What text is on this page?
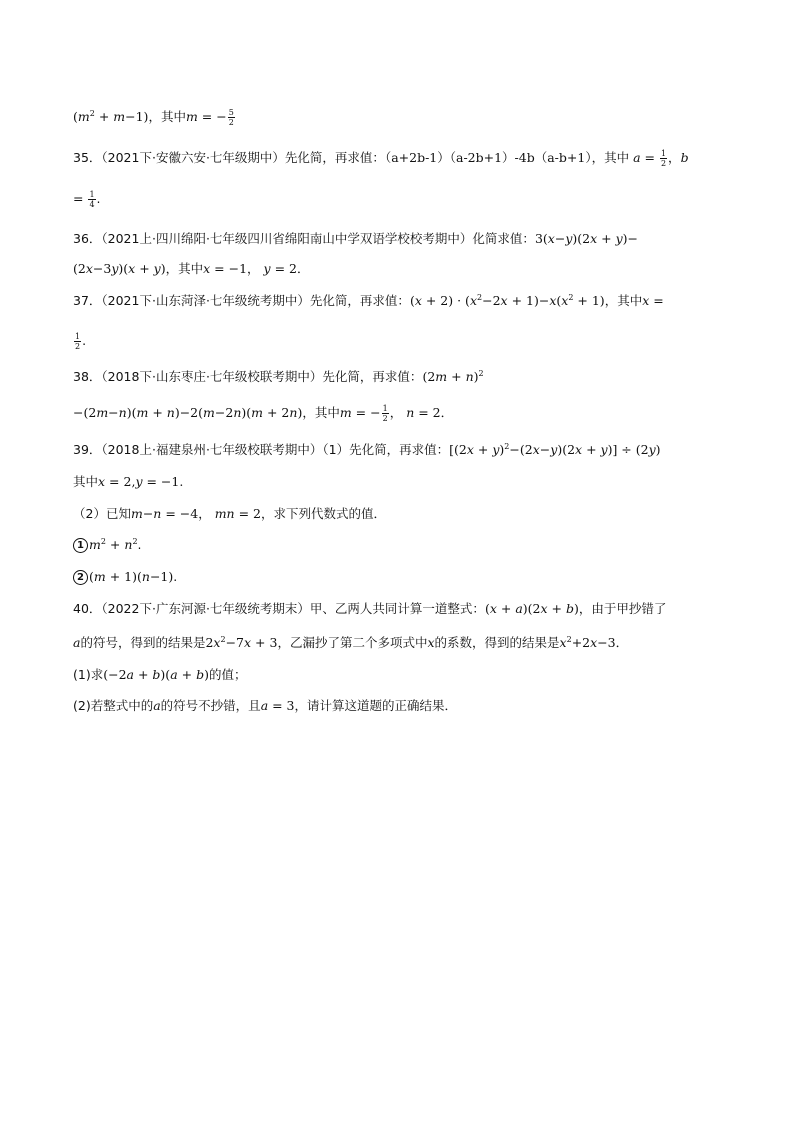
$(m^2 + m-1)$，其中m = − $\frac{5}{2}$
35．（2021下·安徽六安·七年级期中）先化简，再求值：（a+2b-1）（a-2b+1）-4b（a-b+1），其中 $a = \frac{1}{2}$ ，b
= $\frac{1}{4}$ .
36．（2021上·四川绵阳·七年级四川省绵阳南山中学双语学校校考期中）化简求值：3(x−y)(2x + y)−
(2x−3y)(x + y)，其中x = −1， y = 2．
37．（2021下·山东菏泽·七年级统考期中）先化简，再求值：$(x + 2) \cdot (x^2-2x + 1)-x(x^2 + 1)$，其中x =
$\frac{1}{2}$ .
38．（2018下·山东枣庄·七年级校联考期中）先化简，再求值：$(2m + n)^2$
−(2m−n)(m + n)−2(m−2n)(m + 2n)，其中m = − $\frac{1}{2}$ ， n = 2．
39．（2018上·福建泉州·七年级校联考期中）（1）先化简，再求值：$[(2x + y)^2-(2x-y)(2x + y)] \div (2y)$
其中x = 2,y = −1.
（2）已知m−n = −4， mn = 2，求下列代数式的值．
1 $m^2 + n^2$.
2 (m + 1)(n−1).
40．（2022下·广东河源·七年级统考期末）甲、乙两人共同计算一道整式：(x + a)(2x + b)，由于甲抄错了
a的符号，得到的结果是$2x^2-7x + 3$，乙漏抄了第二个多项式中x的系数，得到的结果是$x^2+2x-3$．
(1)求(−2a + b)(a + b)的值；
(2)若整式中的a的符号不抄错，且a = 3，请计算这道题的正确结果．
